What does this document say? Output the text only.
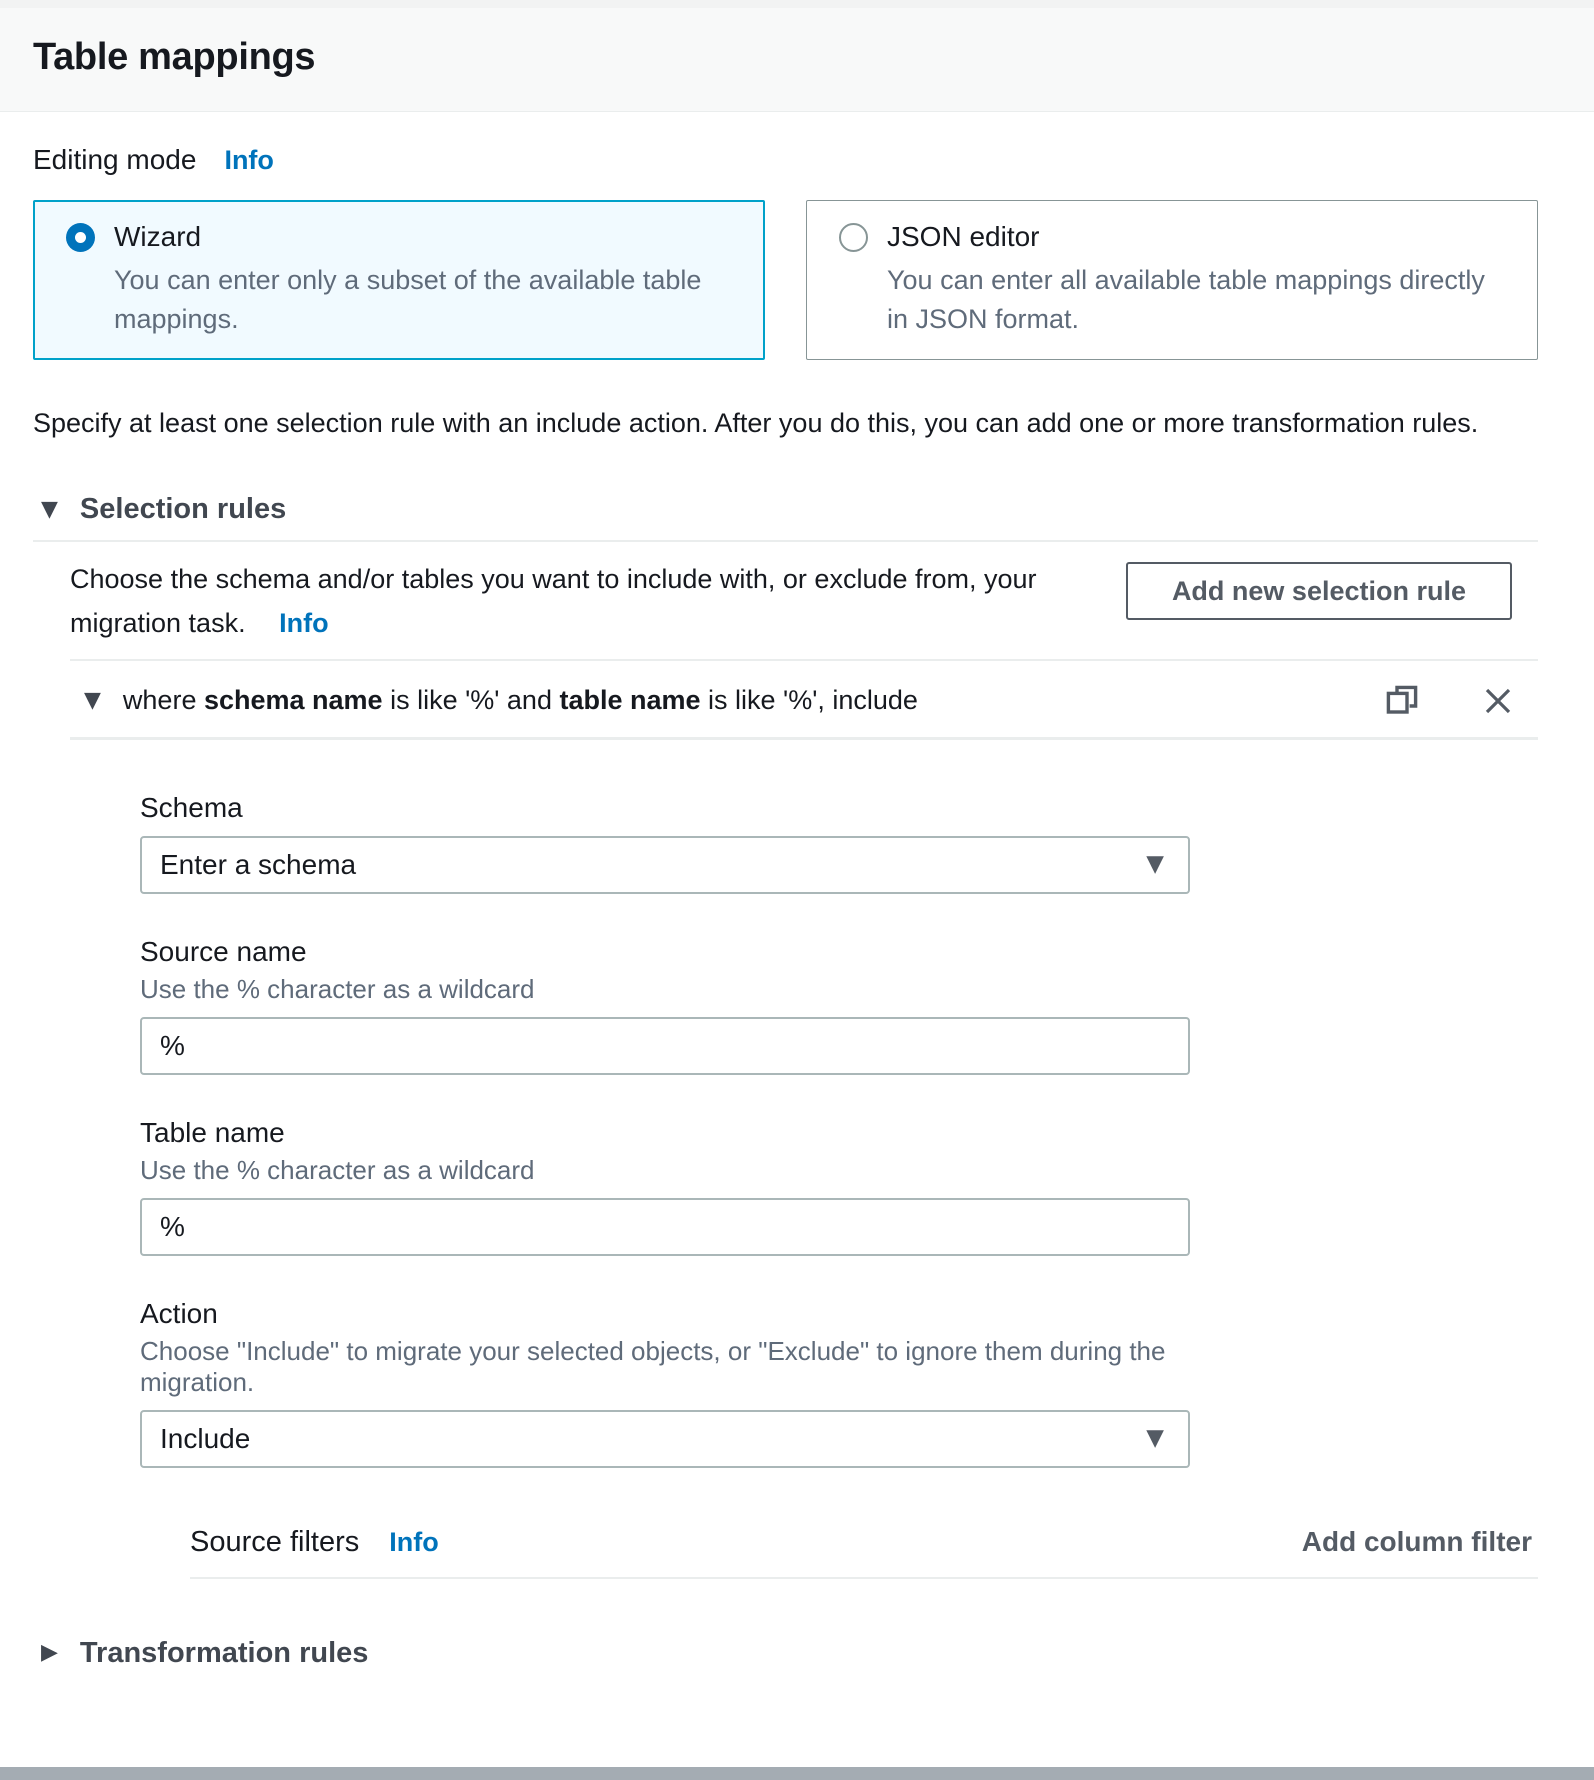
Table mappings
Editing mode Info
Wizard
You can enter only a subset of the available table mappings.
JSON editor
You can enter all available table mappings directly in JSON format.
Specify at least one selection rule with an include action. After you do this, you can add one or more transformation rules.
▼ Selection rules
Choose the schema and/or tables you want to include with, or exclude from, your migration task. Info
Add new selection rule
▼ where schema name is like '%' and table name is like '%', include
Schema
Enter a schema	▼
Source name
Use the % character as a wildcard
%
Table name
Use the % character as a wildcard
%
Action
Choose "Include" to migrate your selected objects, or "Exclude" to ignore them during the migration.
Include	▼
Source filters Info	Add column filter
▶ Transformation rules
